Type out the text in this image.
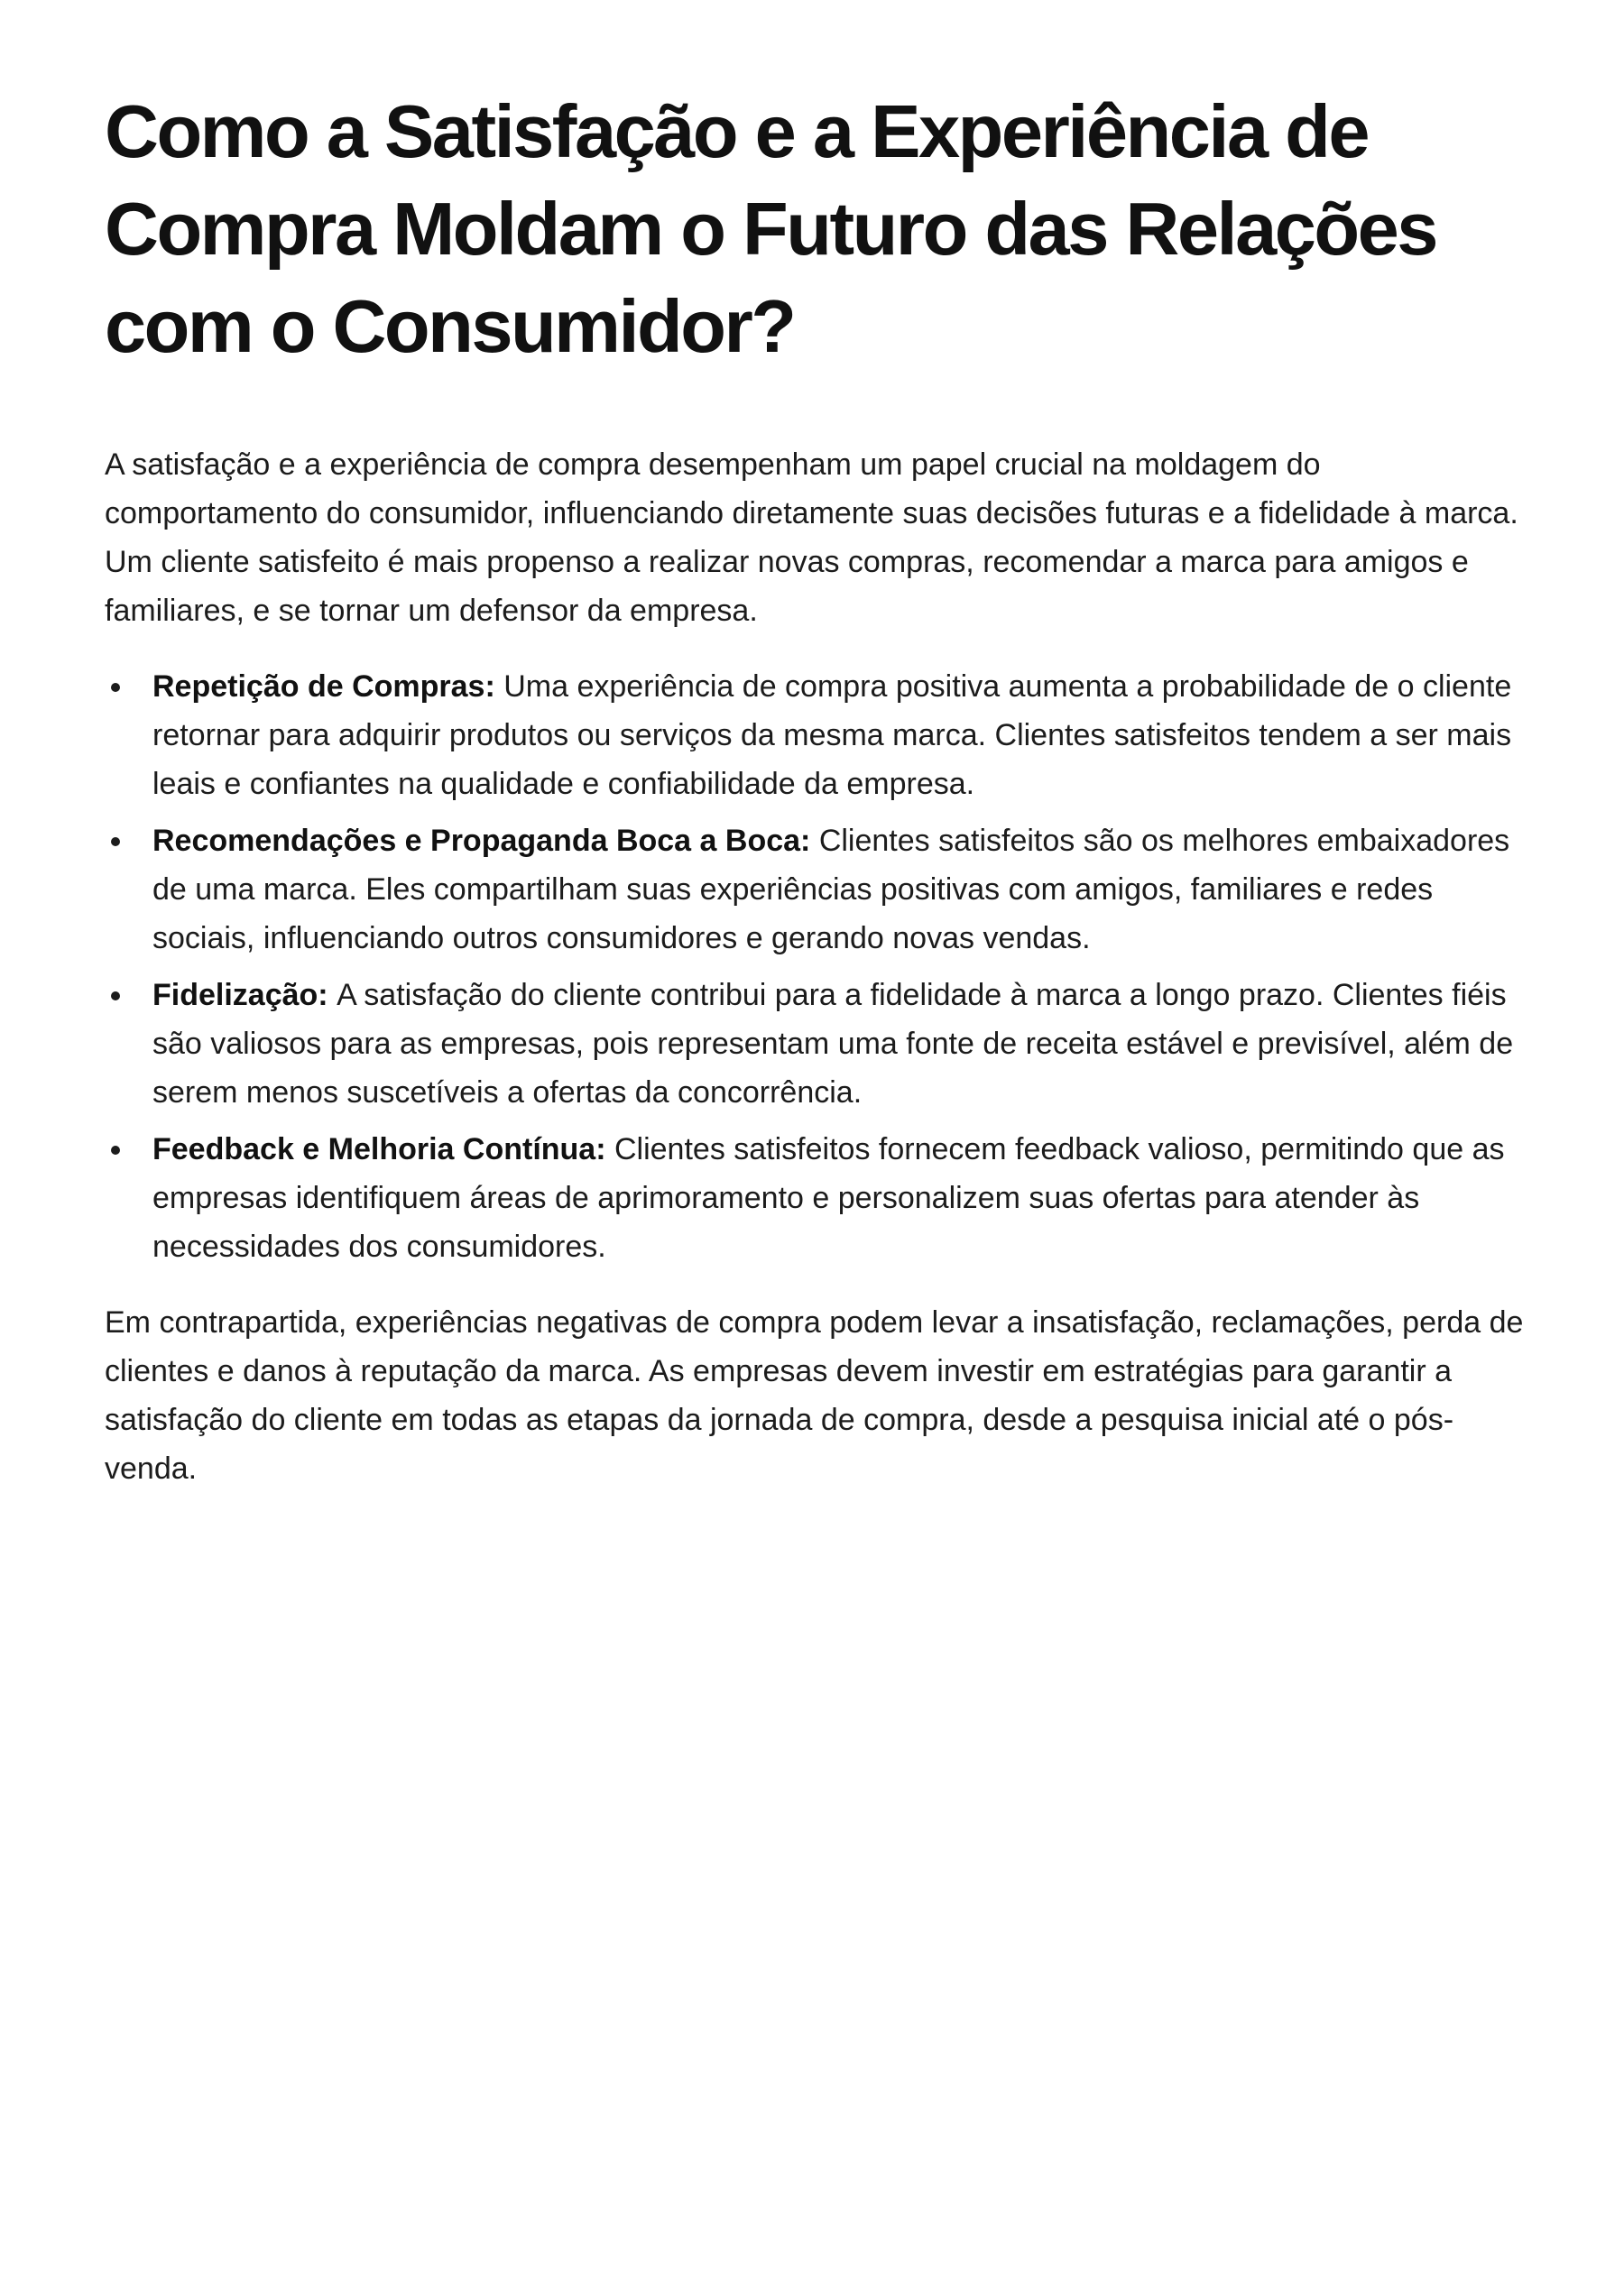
Como a Satisfação e a Experiência de Compra Moldam o Futuro das Relações com o Consumidor?

A satisfação e a experiência de compra desempenham um papel crucial na moldagem do comportamento do consumidor, influenciando diretamente suas decisões futuras e a fidelidade à marca. Um cliente satisfeito é mais propenso a realizar novas compras, recomendar a marca para amigos e familiares, e se tornar um defensor da empresa.

Repetição de Compras: Uma experiência de compra positiva aumenta a probabilidade de o cliente retornar para adquirir produtos ou serviços da mesma marca. Clientes satisfeitos tendem a ser mais leais e confiantes na qualidade e confiabilidade da empresa.
Recomendações e Propaganda Boca a Boca: Clientes satisfeitos são os melhores embaixadores de uma marca. Eles compartilham suas experiências positivas com amigos, familiares e redes sociais, influenciando outros consumidores e gerando novas vendas.
Fidelização: A satisfação do cliente contribui para a fidelidade à marca a longo prazo. Clientes fiéis são valiosos para as empresas, pois representam uma fonte de receita estável e previsível, além de serem menos suscetíveis a ofertas da concorrência.
Feedback e Melhoria Contínua: Clientes satisfeitos fornecem feedback valioso, permitindo que as empresas identifiquem áreas de aprimoramento e personalizem suas ofertas para atender às necessidades dos consumidores.

Em contrapartida, experiências negativas de compra podem levar a insatisfação, reclamações, perda de clientes e danos à reputação da marca. As empresas devem investir em estratégias para garantir a satisfação do cliente em todas as etapas da jornada de compra, desde a pesquisa inicial até o pós-venda.
